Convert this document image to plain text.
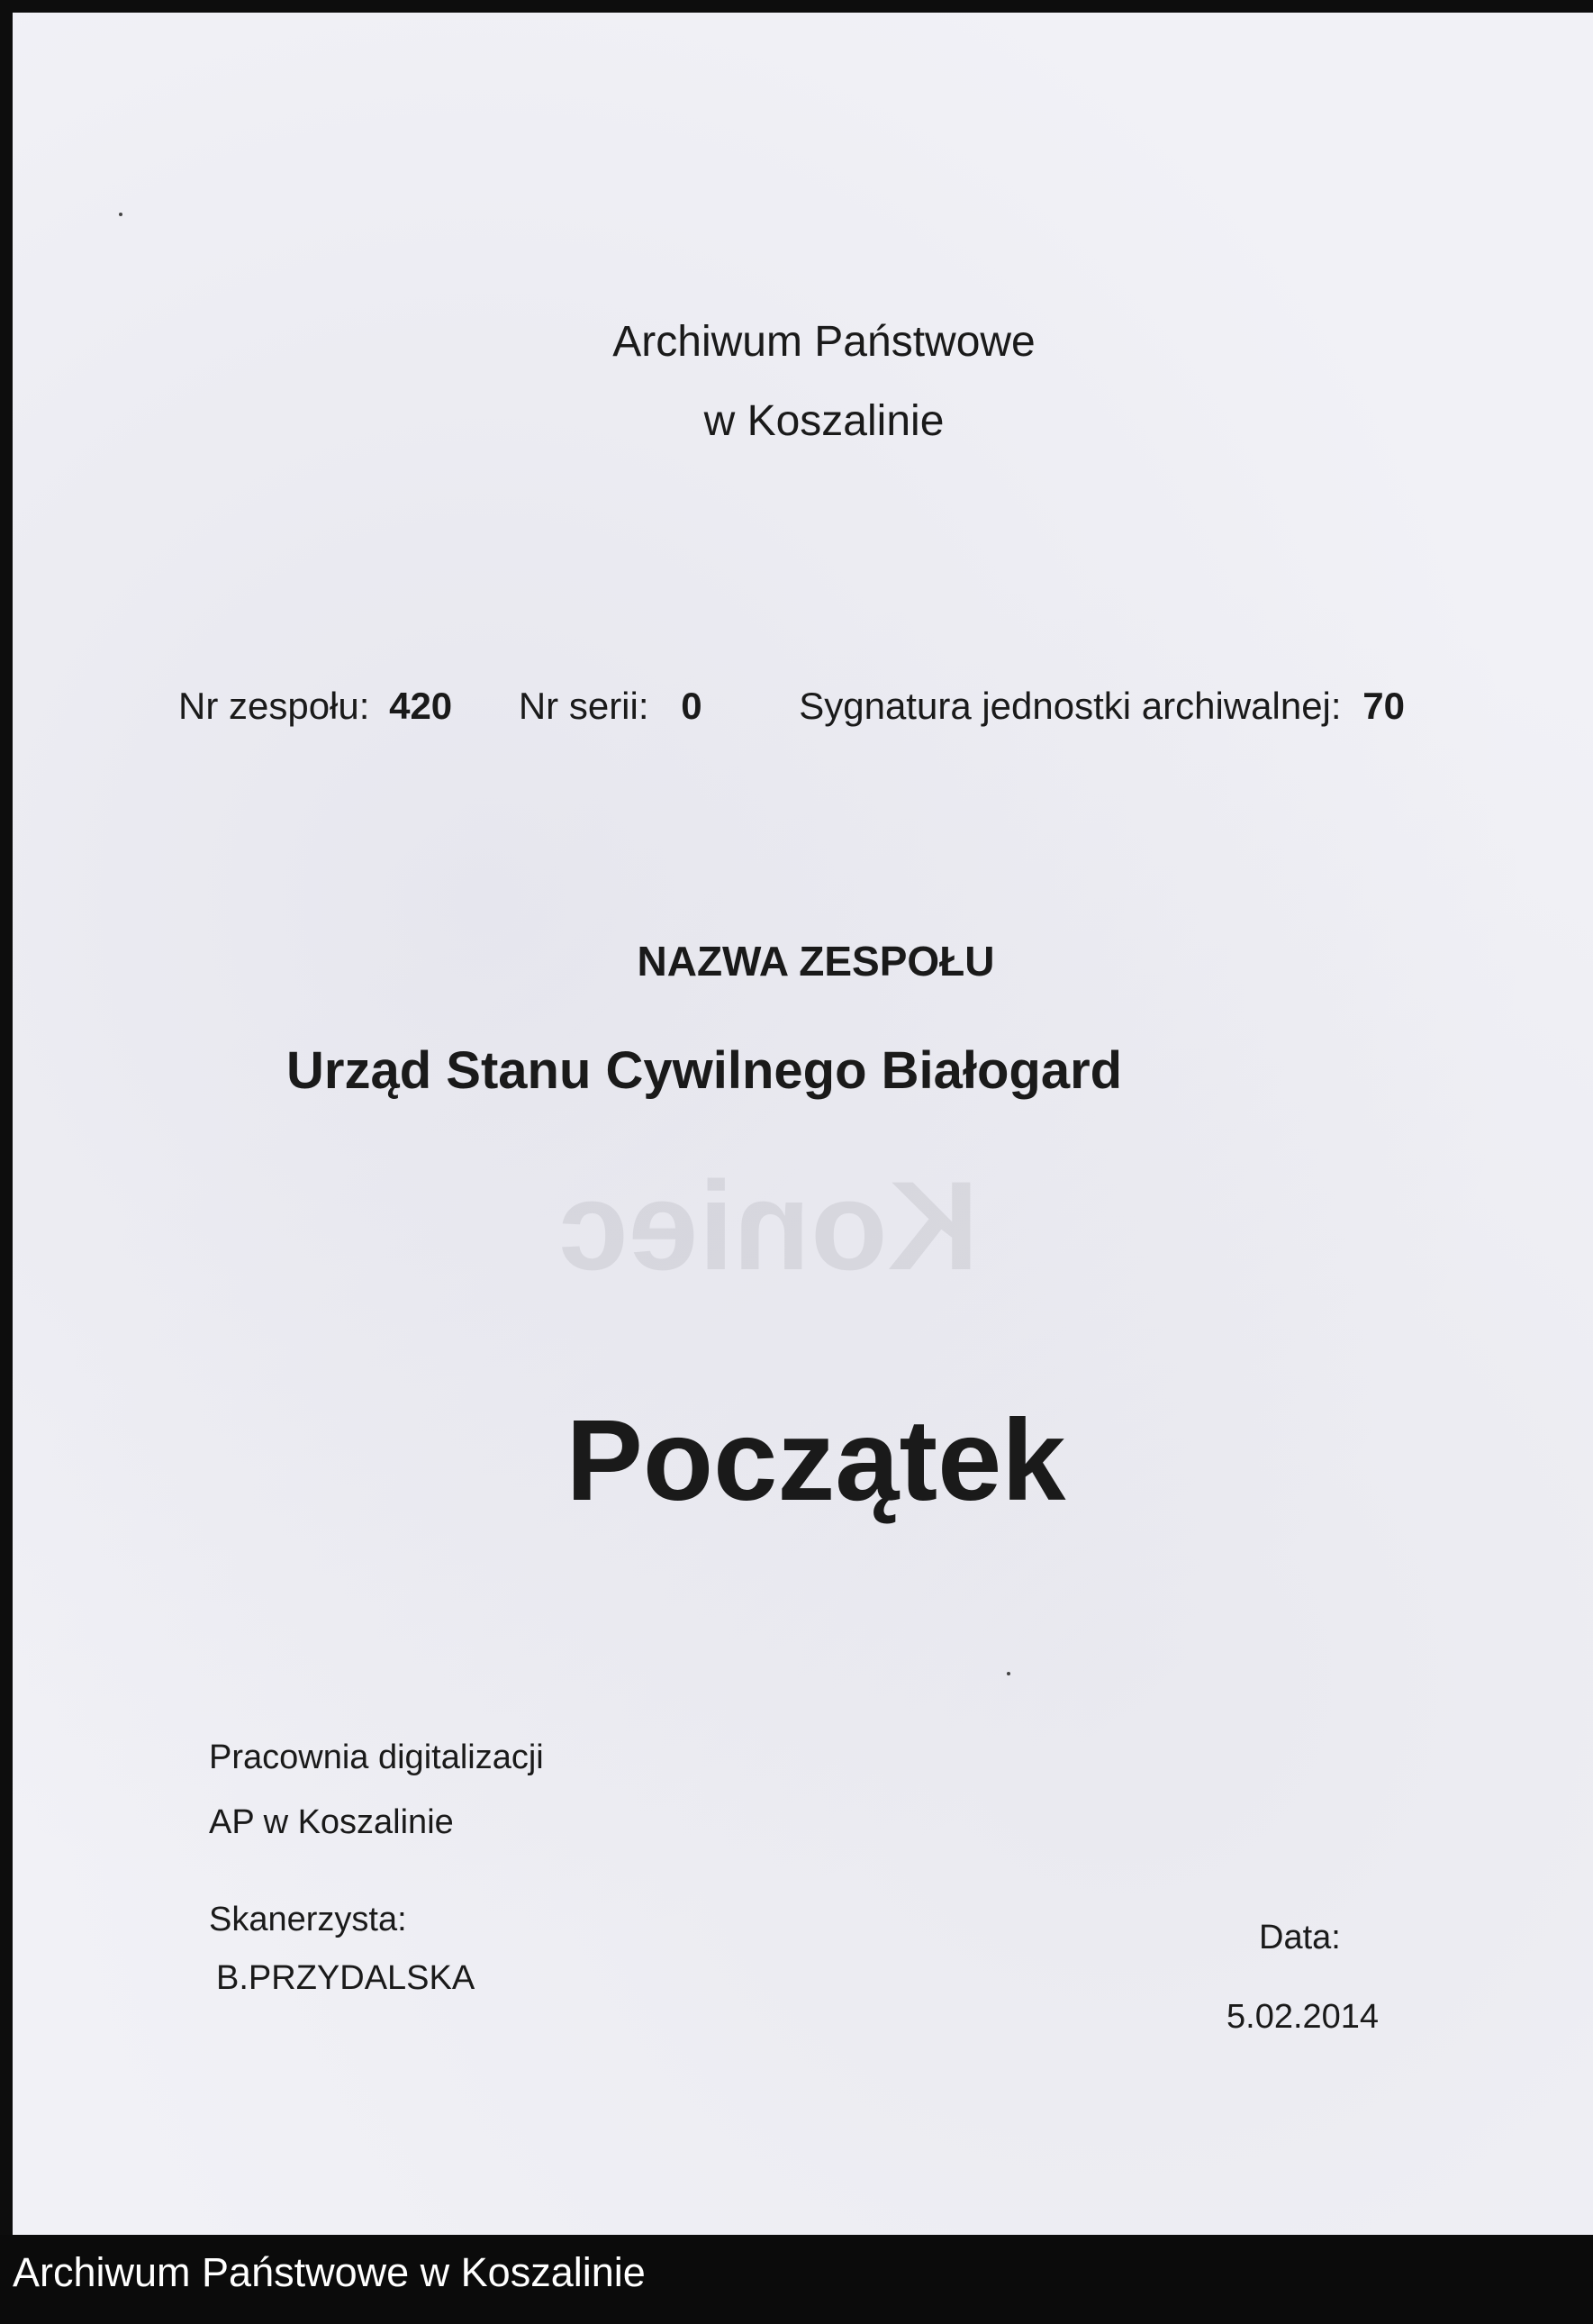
Koniec

Archiwum Państwowe

w Koszalinie

Nr zespołu: 420 Nr serii: 0	Sygnatura jednostki archiwalnej: 70

NAZWA ZESPOŁU

Urząd Stanu Cywilnego Białogard

Początek

Pracownia digitalizacji

AP w Koszalinie

Skanerzysta:

B.PRZYDALSKA

Data:

5.02.2014

Archiwum Państwowe w Koszalinie
